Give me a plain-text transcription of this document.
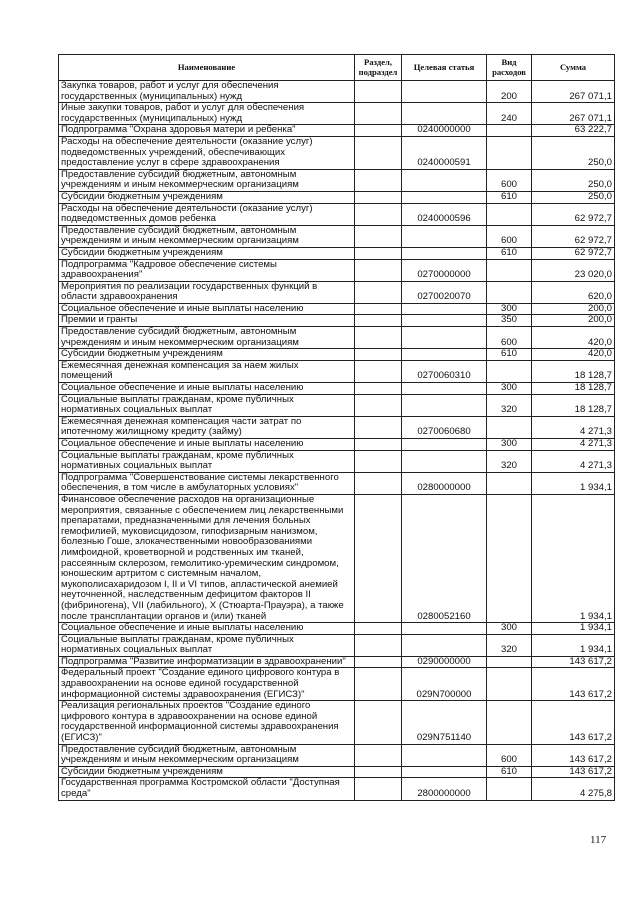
Наименование	Раздел, подраздел	Целевая статья	Вид расходов	Сумма
Закупка товаров, работ и услуг для обеспечения государственных (муниципальных) нужд			200	267 071,1
Иные закупки товаров, работ и услуг для обеспечения государственных (муниципальных) нужд			240	267 071,1
Подпрограмма "Охрана здоровья матери и ребенка"		0240000000		63 222,7
Расходы на обеспечение деятельности (оказание услуг) подведомственных учреждений, обеспечивающих предоставление услуг в сфере здравоохранения		0240000591		250,0
Предоставление субсидий бюджетным, автономным учреждениям и иным некоммерческим организациям			600	250,0
Субсидии бюджетным учреждениям			610	250,0
Расходы на обеспечение деятельности (оказание услуг) подведомственных домов ребенка		0240000596		62 972,7
Предоставление субсидий бюджетным, автономным учреждениям и иным некоммерческим организациям			600	62 972,7
Субсидии бюджетным учреждениям			610	62 972,7
Подпрограмма "Кадровое обеспечение системы здравоохранения"		0270000000		23 020,0
Мероприятия по реализации государственных функций в области здравоохранения		0270020070		620,0
Социальное обеспечение и иные выплаты населению			300	200,0
Премии и гранты			350	200,0
Предоставление субсидий бюджетным, автономным учреждениям и иным некоммерческим организациям			600	420,0
Субсидии бюджетным учреждениям			610	420,0
Ежемесячная денежная компенсация за наем жилых помещений		0270060310		18 128,7
Социальное обеспечение и иные выплаты населению			300	18 128,7
Социальные выплаты гражданам, кроме публичных нормативных социальных выплат			320	18 128,7
Ежемесячная денежная компенсация части затрат по ипотечному жилищному кредиту (займу)		0270060680		4 271,3
Социальное обеспечение и иные выплаты населению			300	4 271,3
Социальные выплаты гражданам, кроме публичных нормативных социальных выплат			320	4 271,3
Подпрограмма "Совершенствование системы лекарственного обеспечения, в том числе в амбулаторных условиях"		0280000000		1 934,1
Финансовое обеспечение расходов на организационные мероприятия, связанные с обеспечением лиц лекарственными препаратами, предназначенными для лечения больных гемофилией, муковисцидозом, гипофизарным нанизмом, болезнью Гоше, злокачественными новообразованиями лимфоидной, кроветворной и родственных им тканей, рассеянным склерозом, гемолитико-уремическим синдромом, юношеским артритом с системным началом, мукополисахаридозом I, II и VI типов, апластической анемией неуточненной, наследственным дефицитом факторов II (фибриногена), VII (лабильного), X (Стюарта-Прауэра), а также после трансплантации органов и (или) тканей		0280052160		1 934,1
Социальное обеспечение и иные выплаты населению			300	1 934,1
Социальные выплаты гражданам, кроме публичных нормативных социальных выплат			320	1 934,1
Подпрограмма "Развитие информатизации в здравоохранении"		0290000000		143 617,2
Федеральный проект "Создание единого цифрового контура в здравоохранении на основе единой государственной информационной системы здравоохранения (ЕГИСЗ)"		029N700000		143 617,2
Реализация региональных проектов "Создание единого цифрового контура в здравоохранении на основе единой государственной информационной системы здравоохранения (ЕГИСЗ)"		029N751140		143 617,2
Предоставление субсидий бюджетным, автономным учреждениям и иным некоммерческим организациям			600	143 617,2
Субсидии бюджетным учреждениям			610	143 617,2
Государственная программа Костромской области "Доступная среда"		2800000000		4 275,8
117
